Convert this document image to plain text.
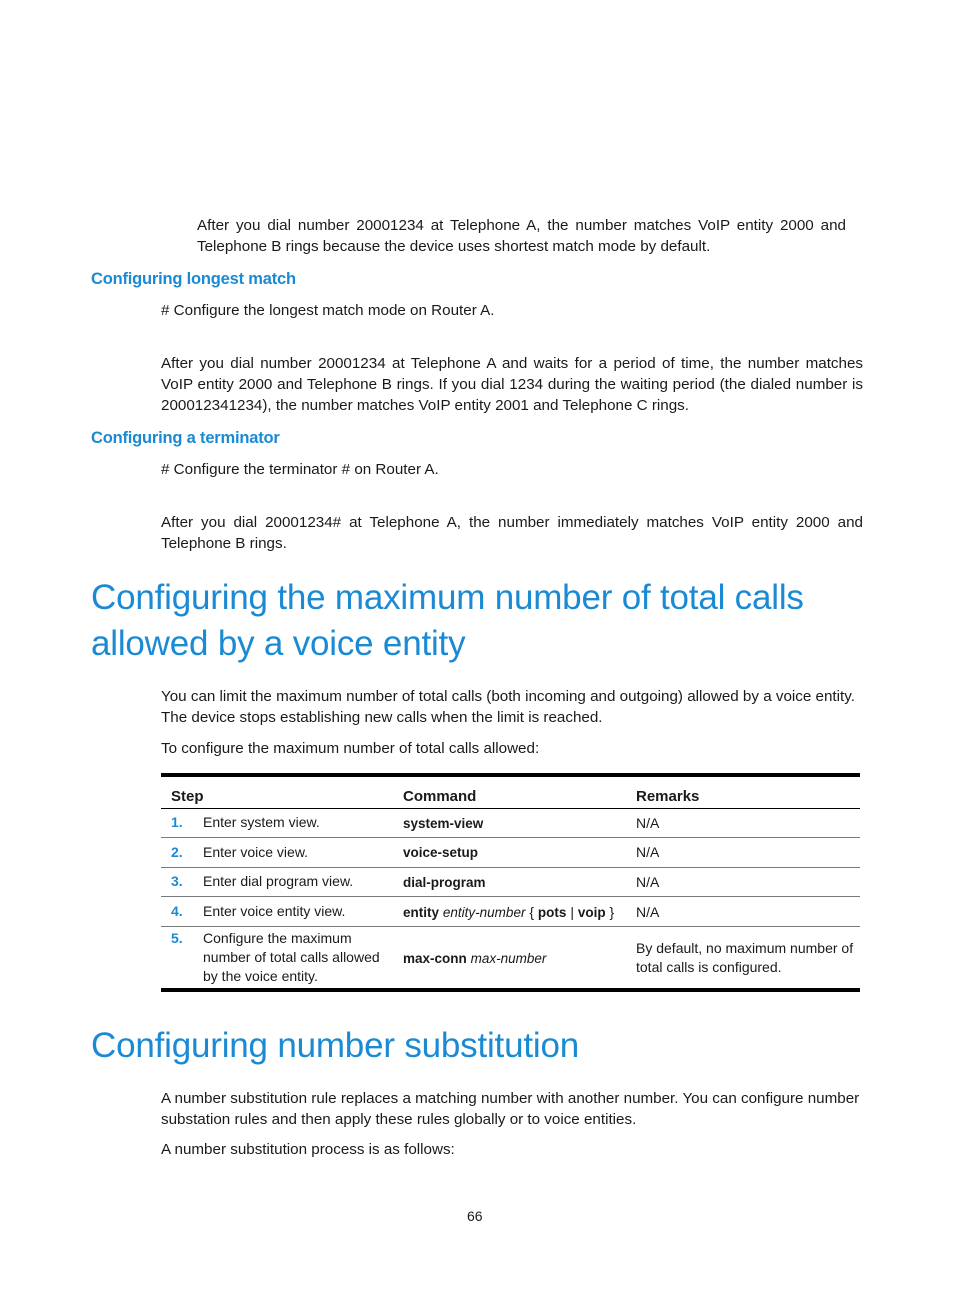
After you dial number 20001234 at Telephone A, the number matches VoIP entity 2000 and Telephone B rings because the device uses shortest match mode by default.

Configuring longest match

# Configure the longest match mode on Router A.

After you dial number 20001234 at Telephone A and waits for a period of time, the number matches VoIP entity 2000 and Telephone B rings. If you dial 1234 during the waiting period (the dialed number is 200012341234), the number matches VoIP entity 2001 and Telephone C rings.

Configuring a terminator

# Configure the terminator # on Router A.

After you dial 20001234# at Telephone A, the number immediately matches VoIP entity 2000 and Telephone B rings.

Configuring the maximum number of total calls
allowed by a voice entity

You can limit the maximum number of total calls (both incoming and outgoing) allowed by a voice entity. The device stops establishing new calls when the limit is reached.

To configure the maximum number of total calls allowed:

Step	Command	Remarks

1. Enter system view.	system-view	N/A

2. Enter voice view.	voice-setup	N/A

3. Enter dial program view.	dial-program	N/A

4. Enter voice entity view.	entity entity-number { pots | voip }	N/A

5. Configure the maximum number of total calls allowed by the voice entity.	max-conn max-number	By default, no maximum number of total calls is configured.
Configuring number substitution

A number substitution rule replaces a matching number with another number. You can configure number substation rules and then apply these rules globally or to voice entities.

A number substitution process is as follows:

66
